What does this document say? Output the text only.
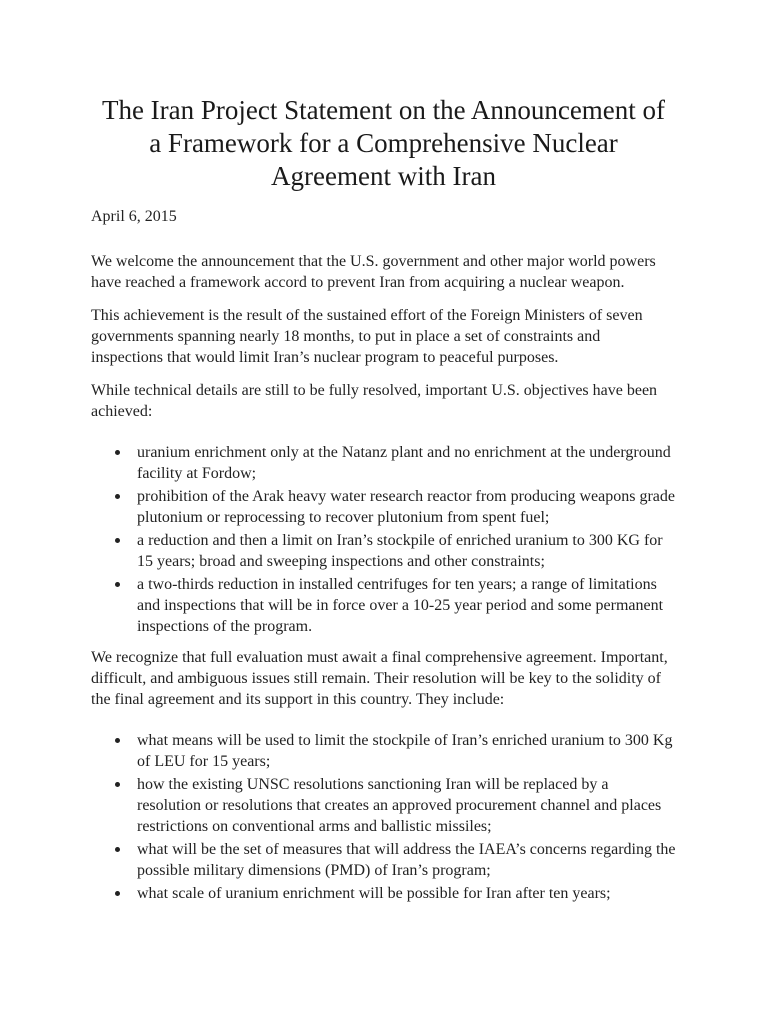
The Iran Project Statement on the Announcement of
a Framework for a Comprehensive Nuclear
Agreement with Iran
April 6, 2015

We welcome the announcement that the U.S. government and other major world powers have reached a framework accord to prevent Iran from acquiring a nuclear weapon.

This achievement is the result of the sustained effort of the Foreign Ministers of seven governments spanning nearly 18 months, to put in place a set of constraints and inspections that would limit Iran’s nuclear program to peaceful purposes.

While technical details are still to be fully resolved, important U.S. objectives have been achieved:

uranium enrichment only at the Natanz plant and no enrichment at the underground facility at Fordow;
prohibition of the Arak heavy water research reactor from producing weapons grade plutonium or reprocessing to recover plutonium from spent fuel;
a reduction and then a limit on Iran’s stockpile of enriched uranium to 300 KG for 15 years; broad and sweeping inspections and other constraints;
a two-thirds reduction in installed centrifuges for ten years; a range of limitations and inspections that will be in force over a 10-25 year period and some permanent inspections of the program.

We recognize that full evaluation must await a final comprehensive agreement. Important, difficult, and ambiguous issues still remain. Their resolution will be key to the solidity of the final agreement and its support in this country. They include:

what means will be used to limit the stockpile of Iran’s enriched uranium to 300 Kg of LEU for 15 years;
how the existing UNSC resolutions sanctioning Iran will be replaced by a resolution or resolutions that creates an approved procurement channel and places restrictions on conventional arms and ballistic missiles;
what will be the set of measures that will address the IAEA’s concerns regarding the possible military dimensions (PMD) of Iran’s program;
what scale of uranium enrichment will be possible for Iran after ten years;
